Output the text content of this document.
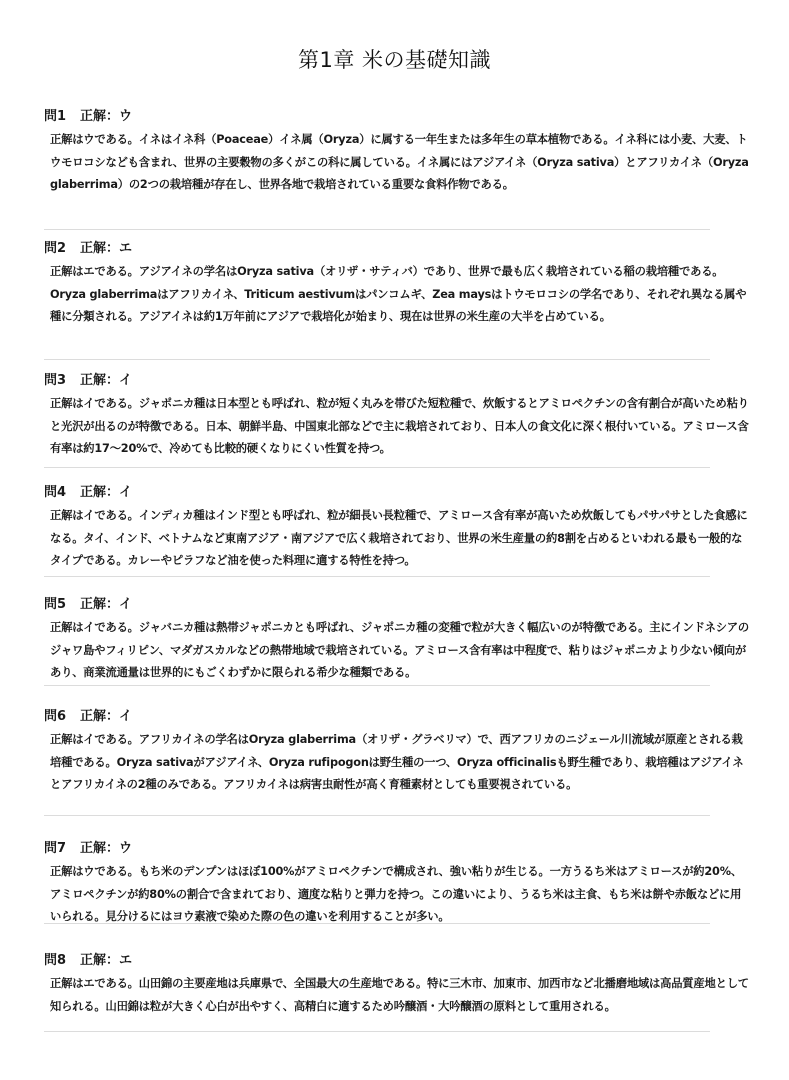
第1章 米の基礎知識
問1 正解：ウ
正解はウである。イネはイネ科（Poaceae）イネ属（Oryza）に属する一年生または多年生の草本植物である。イネ科には小麦、大麦、トウモロコシなども含まれ、世界の主要穀物の多くがこの科に属している。イネ属にはアジアイネ（Oryza sativa）とアフリカイネ（Oryza glaberrima）の2つの栽培種が存在し、世界各地で栽培されている重要な食料作物である。
問2 正解：エ
正解はエである。アジアイネの学名はOryza sativa（オリザ・サティバ）であり、世界で最も広く栽培されている稲の栽培種である。Oryza glaberrimaはアフリカイネ、Triticum aestivumはパンコムギ、Zea maysはトウモロコシの学名であり、それぞれ異なる属や種に分類される。アジアイネは約1万年前にアジアで栽培化が始まり、現在は世界の米生産の大半を占めている。
問3 正解：イ
正解はイである。ジャポニカ種は日本型とも呼ばれ、粒が短く丸みを帯びた短粒種で、炊飯するとアミロペクチンの含有割合が高いため粘りと光沢が出るのが特徴である。日本、朝鮮半島、中国東北部などで主に栽培されており、日本人の食文化に深く根付いている。アミロース含有率は約17〜20%で、冷めても比較的硬くなりにくい性質を持つ。
問4 正解：イ
正解はイである。インディカ種はインド型とも呼ばれ、粒が細長い長粒種で、アミロース含有率が高いため炊飯してもパサパサとした食感になる。タイ、インド、ベトナムなど東南アジア・南アジアで広く栽培されており、世界の米生産量の約8割を占めるといわれる最も一般的なタイプである。カレーやピラフなど油を使った料理に適する特性を持つ。
問5 正解：イ
正解はイである。ジャバニカ種は熱帯ジャポニカとも呼ばれ、ジャポニカ種の変種で粒が大きく幅広いのが特徴である。主にインドネシアのジャワ島やフィリピン、マダガスカルなどの熱帯地域で栽培されている。アミロース含有率は中程度で、粘りはジャポニカより少ない傾向があり、商業流通量は世界的にもごくわずかに限られる希少な種類である。
問6 正解：イ
正解はイである。アフリカイネの学名はOryza glaberrima（オリザ・グラベリマ）で、西アフリカのニジェール川流域が原産とされる栽培種である。Oryza sativaがアジアイネ、Oryza rufipogonは野生種の一つ、Oryza officinalisも野生種であり、栽培種はアジアイネとアフリカイネの2種のみである。アフリカイネは病害虫耐性が高く育種素材としても重要視されている。
問7 正解：ウ
正解はウである。もち米のデンプンはほぼ100%がアミロペクチンで構成され、強い粘りが生じる。一方うるち米はアミロースが約20%、アミロペクチンが約80%の割合で含まれており、適度な粘りと弾力を持つ。この違いにより、うるち米は主食、もち米は餅や赤飯などに用いられる。見分けるにはヨウ素液で染めた際の色の違いを利用することが多い。
問8 正解：エ
正解はエである。山田錦の主要産地は兵庫県で、全国最大の生産地である。特に三木市、加東市、加西市など北播磨地域は高品質産地として知られる。山田錦は粒が大きく心白が出やすく、高精白に適するため吟醸酒・大吟醸酒の原料として重用される。
